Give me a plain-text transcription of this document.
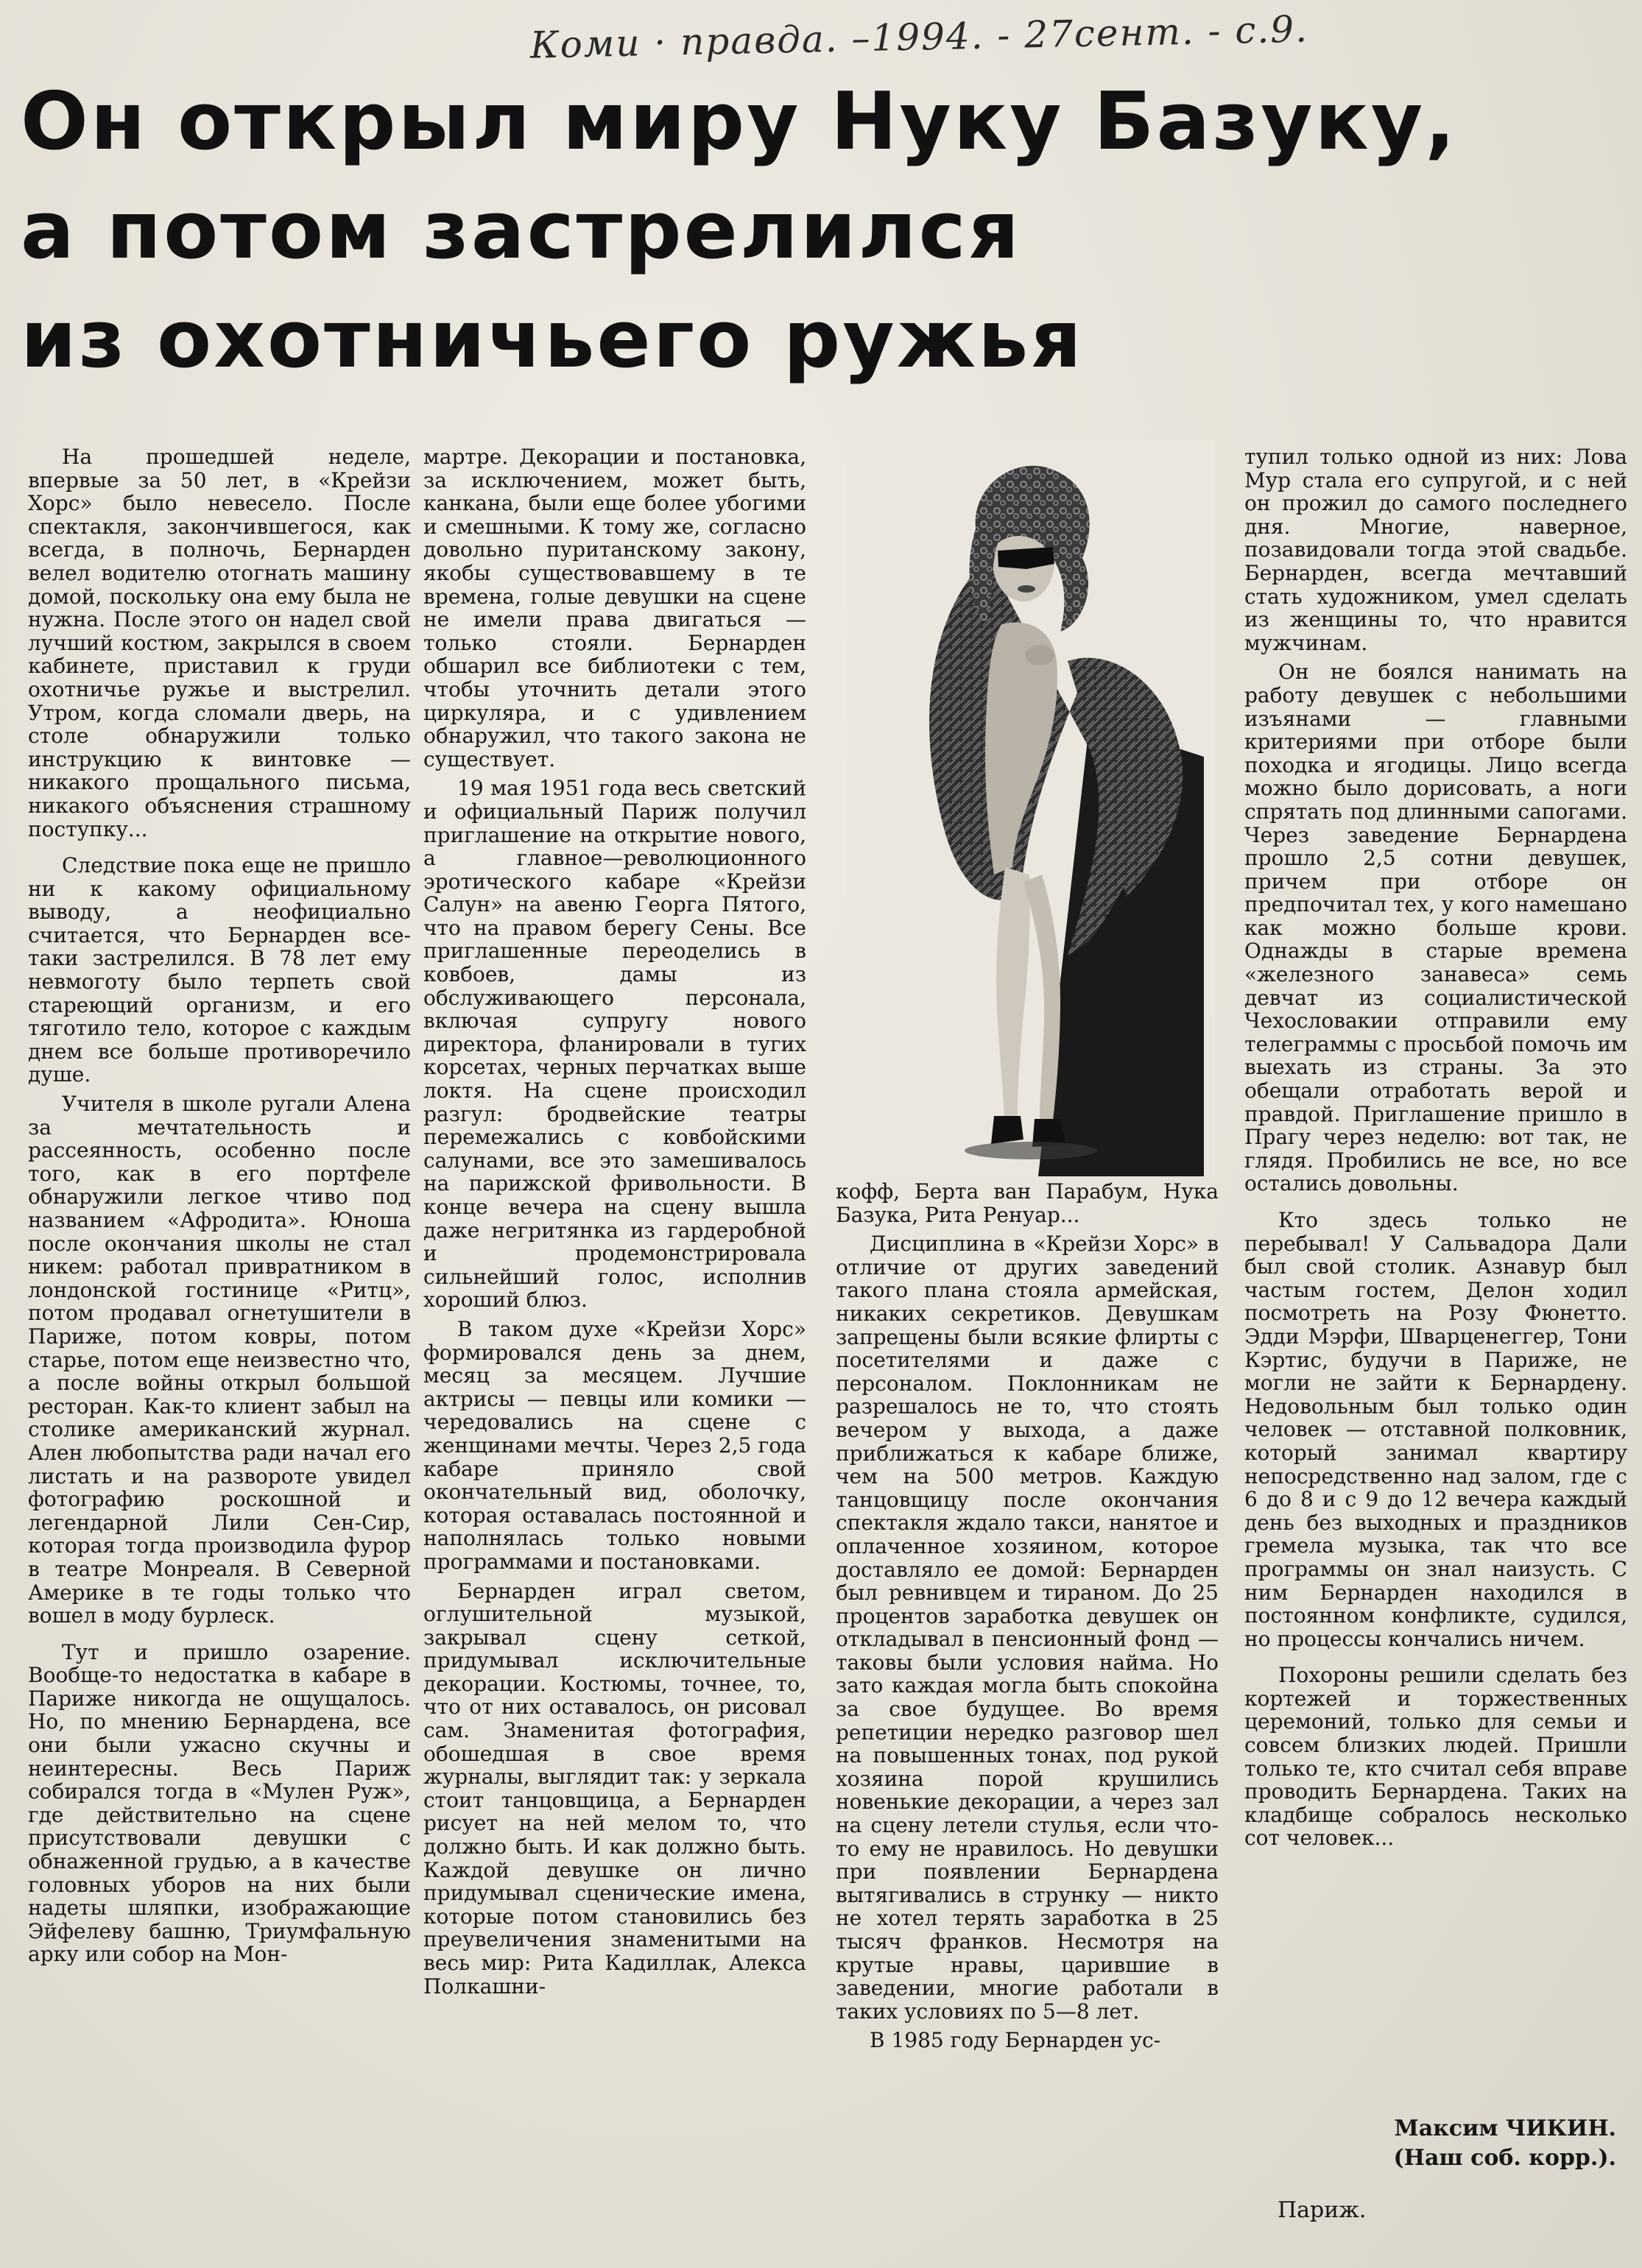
Коми · правда. –1994. - 27сент. - с.9.
Он открыл миру Нуку Базуку,
а потом застрелился
из охотничьего ружья

На прошедшей неделе, впервые за 50 лет, в «Крейзи Хорс» было невесело. После спектакля, закончившегося, как всегда, в полночь, Бернарден велел водителю отогнать машину домой, поскольку она ему была не нужна. После этого он надел свой лучший костюм, закрылся в своем кабинете, приставил к груди охотничье ружье и выстрелил. Утром, когда сломали дверь, на столе обнаружили только инструкцию к винтовке — никакого прощального письма, никакого объяснения страшному поступку...

Следствие пока еще не пришло ни к какому официальному выводу, а неофициально считается, что Бернарден все-таки застрелился. В 78 лет ему невмоготу было терпеть свой стареющий организм, и его тяготило тело, которое с каждым днем все больше противоречило душе.

Учителя в школе ругали Алена за мечтательность и рассеянность, особенно после того, как в его портфеле обнаружили легкое чтиво под названием «Афродита». Юноша после окончания школы не стал никем: работал привратником в лондонской гостинице «Ритц», потом продавал огнетушители в Париже, потом ковры, потом старье, потом еще неизвестно что, а после войны открыл большой ресторан. Как-то клиент забыл на столике американский журнал. Ален любопытства ради начал его листать и на развороте увидел фотографию роскошной и легендарной Лили Сен-Сир, которая тогда производила фурор в театре Монреаля. В Северной Америке в те годы только что вошел в моду бурлеск.

Тут и пришло озарение. Вообще-то недостатка в кабаре в Париже никогда не ощущалось. Но, по мнению Бернардена, все они были ужасно скучны и неинтересны. Весь Париж собирался тогда в «Мулен Руж», где действительно на сцене присутствовали девушки с обнаженной грудью, а в качестве головных уборов на них были надеты шляпки, изображающие Эйфелеву башню, Триумфальную арку или собор на Мон-

мартре. Декорации и постановка, за исключением, может быть, канкана, были еще более убогими и смешными. К тому же, согласно довольно пуританскому закону, якобы существовавшему в те времена, голые девушки на сцене не имели права двигаться — только стояли. Бернарден обшарил все библиотеки с тем, чтобы уточнить детали этого циркуляра, и с удивлением обнаружил, что такого закона не существует.

19 мая 1951 года весь светский и официальный Париж получил приглашение на открытие нового, а главное—революционного эротического кабаре «Крейзи Салун» на авеню Георга Пятого, что на правом берегу Сены. Все приглашенные переоделись в ковбоев, дамы из обслуживающего персонала, включая супругу нового директора, фланировали в тугих корсетах, черных перчатках выше локтя. На сцене происходил разгул: бродвейские театры перемежались с ковбойскими салунами, все это замешивалось на парижской фривольности. В конце вечера на сцену вышла даже негритянка из гардеробной и продемонстрировала сильнейший голос, исполнив хороший блюз.

В таком духе «Крейзи Хорс» формировался день за днем, месяц за месяцем. Лучшие актрисы — певцы или комики — чередовались на сцене с женщинами мечты. Через 2,5 года кабаре приняло свой окончательный вид, оболочку, которая оставалась постоянной и наполнялась только новыми программами и постановками.

Бернарден играл светом, оглушительной музыкой, закрывал сцену сеткой, придумывал исключительные декорации. Костюмы, точнее, то, что от них оставалось, он рисовал сам. Знаменитая фотография, обошедшая в свое время журналы, выглядит так: у зеркала стоит танцовщица, а Бернарден рисует на ней мелом то, что должно быть. И как должно быть. Каждой девушке он лично придумывал сценические имена, которые потом становились без преувеличения знаменитыми на весь мир: Рита Кадиллак, Алекса Полкашни-

кофф, Берта ван Парабум, Нука Базука, Рита Ренуар...

Дисциплина в «Крейзи Хорс» в отличие от других заведений такого плана стояла армейская, никаких секретиков. Девушкам запрещены были всякие флирты с посетителями и даже с персоналом. Поклонникам не разрешалось не то, что стоять вечером у выхода, а даже приближаться к кабаре ближе, чем на 500 метров. Каждую танцовщицу после окончания спектакля ждало такси, нанятое и оплаченное хозяином, которое доставляло ее домой: Бернарден был ревнивцем и тираном. До 25 процентов заработка девушек он откладывал в пенсионный фонд — таковы были условия найма. Но зато каждая могла быть спокойна за свое будущее. Во время репетиции нередко разговор шел на повышенных тонах, под рукой хозяина порой крушились новенькие декорации, а через зал на сцену летели стулья, если что-то ему не нравилось. Но девушки при появлении Бернардена вытягивались в струнку — никто не хотел терять заработка в 25 тысяч франков. Несмотря на крутые нравы, царившие в заведении, многие работали в таких условиях по 5—8 лет.

В 1985 году Бернарден ус-

тупил только одной из них: Лова Мур стала его супругой, и с ней он прожил до самого последнего дня. Многие, наверное, позавидовали тогда этой свадьбе. Бернарден, всегда мечтавший стать художником, умел сделать из женщины то, что нравится мужчинам.

Он не боялся нанимать на работу девушек с небольшими изъянами — главными критериями при отборе были походка и ягодицы. Лицо всегда можно было дорисовать, а ноги спрятать под длинными сапогами. Через заведение Бернардена прошло 2,5 сотни девушек, причем при отборе он предпочитал тех, у кого намешано как можно больше крови. Однажды в старые времена «железного занавеса» семь девчат из социалистической Чехословакии отправили ему телеграммы с просьбой помочь им выехать из страны. За это обещали отработать верой и правдой. Приглашение пришло в Прагу через неделю: вот так, не глядя. Пробились не все, но все остались довольны.

Кто здесь только не перебывал! У Сальвадора Дали был свой столик. Азнавур был частым гостем, Делон ходил посмотреть на Розу Фюнетто. Эдди Мэрфи, Шварценеггер, Тони Кэртис, будучи в Париже, не могли не зайти к Бернардену. Недовольным был только один человек — отставной полковник, который занимал квартиру непосредственно над залом, где с 6 до 8 и с 9 до 12 вечера каждый день без выходных и праздников гремела музыка, так что все программы он знал наизусть. С ним Бернарден находился в постоянном конфликте, судился, но процессы кончались ничем.

Похороны решили сделать без кортежей и торжественных церемоний, только для семьи и совсем близких людей. Пришли только те, кто считал себя вправе проводить Бернардена. Таких на кладбище собралось несколько сот человек...

Максим ЧИКИН.
(Наш соб. корр.).
Париж.
